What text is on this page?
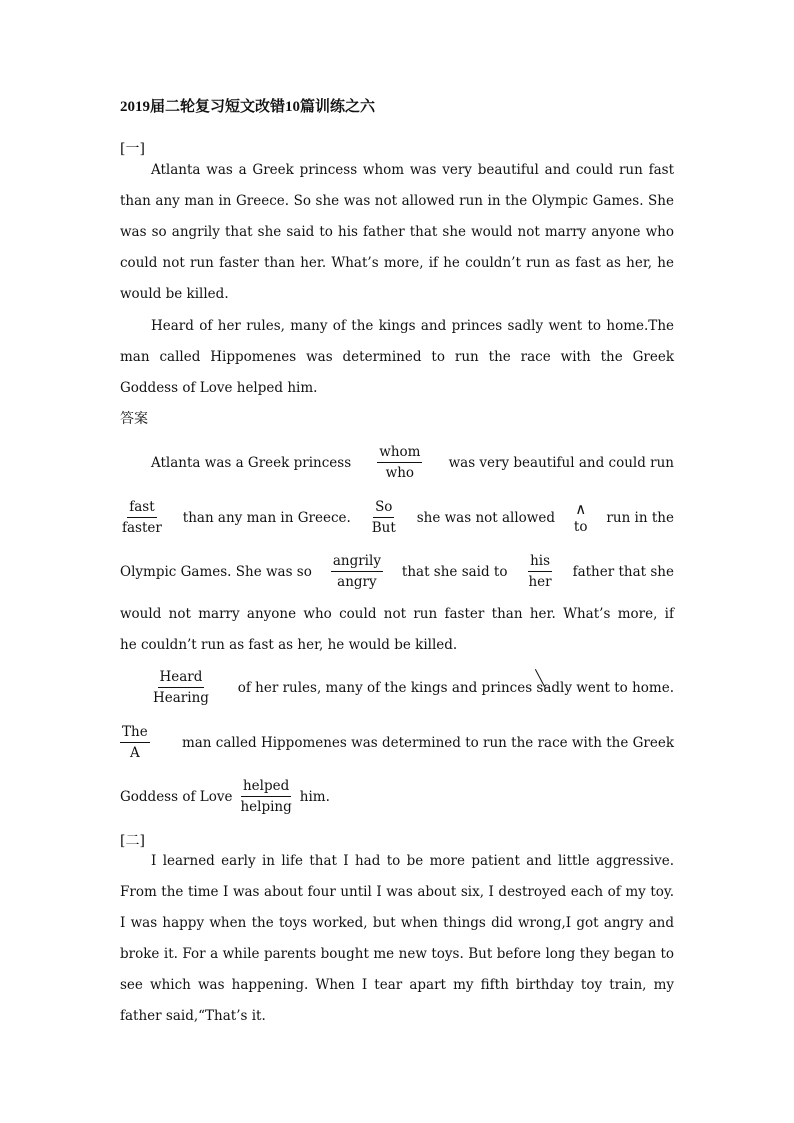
2019届二轮复习短文改错10篇训练之六
[一]
Atlanta was a Greek princess whom was very beautiful and could run fast than any man in Greece. So she was not allowed run in the Olympic Games. She was so angrily that she said to his father that she would not marry anyone who could not run faster than her. What’s more, if he couldn’t run as fast as her, he would be killed.
Heard of her rules, many of the kings and princes sadly went to home.The man called Hippomenes was determined to run the race with the Greek Goddess of Love helped him.
答案
Atlanta was a Greek princess $\frac{\text{whom}}{\text{who}}$ was very beautiful and could run
$\frac{\text{fast}}{\text{faster}}$ than any man in Greece. $\frac{So}{\text{But}}$ she was not allowed ∧
to
run in the
Olympic Games. She was so $\frac{\text{angrily}}{\text{angry}}$ that she said to $\frac{\text{his}}{\text{her}}$ father that she
would not marry anyone who could not run faster than her. What’s more, if
he couldn’t run as fast as her, he would be killed.
$\frac{\text{Heard}}{\text{Hearing}}$ of her rules, many of the kings and princes sadly went to home.
$\frac{\text{The}}{A}$ man called Hippomenes was determined to run the race with the Greek
Goddess of Love $\frac{\text{helped}}{\text{helping}}$ him.
[二]
I learned early in life that I had to be more patient and little aggressive. From the time I was about four until I was about six, I destroyed each of my toy. I was happy when the toys worked, but when things did wrong,I got angry and broke it. For a while parents bought me new toys. But before long they began to see which was happening. When I tear apart my fifth birthday toy train, my father said,“That’s it.
